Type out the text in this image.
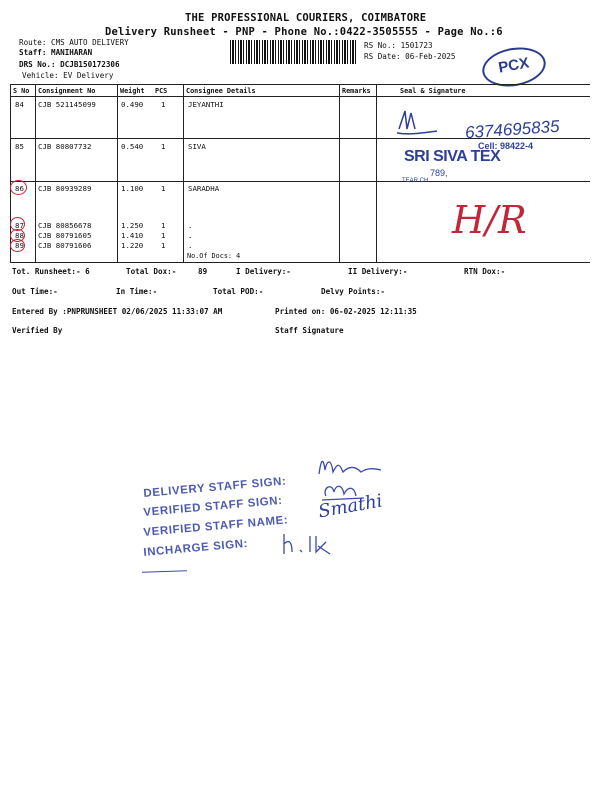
THE PROFESSIONAL COURIERS, COIMBATORE
Delivery Runsheet - PNP - Phone No.:0422-3505555 - Page No.:6
Route: CMS AUTO DELIVERY
Staff: MANIHARAN
DRS No.: DCJB150172306
Vehicle: EV Delivery
RS No.: 1501723
RS Date: 06-Feb-2025	PCX
S No Consignment No	Weight PCS	Consignee Details	Remarks	Seal & Signature
84 CJB 521145099	0.490 1	JEYANTHI
85 CJB 80807732	0.540 1	SIVA
86 CJB 80939289	1.100 1	SARADHA
87 CJB 80856678	1.250 1	.
88 CJB 80791605	1.410 1	.
89 CJB 80791606	1.220 1	.
No.Of Docs: 4
6374695835
Cell: 98422-4
SRI SIVA TEX
789,
TEAR CH
H/R
Tot. Runsheet:- 6	Total Dox:-	89	I Delivery:-	II Delivery:-	RTN Dox:-
Out Time:-	In Time:-	Total POD:-	Delvy Points:-
Entered By :PNPRUNSHEET 02/06/2025 11:33:07 AM	Printed on: 06-02-2025 12:11:35
Verified By	Staff Signature
DELIVERY STAFF SIGN:
VERIFIED STAFF SIGN:
VERIFIED STAFF NAME:
INCHARGE SIGN:
Smathi
